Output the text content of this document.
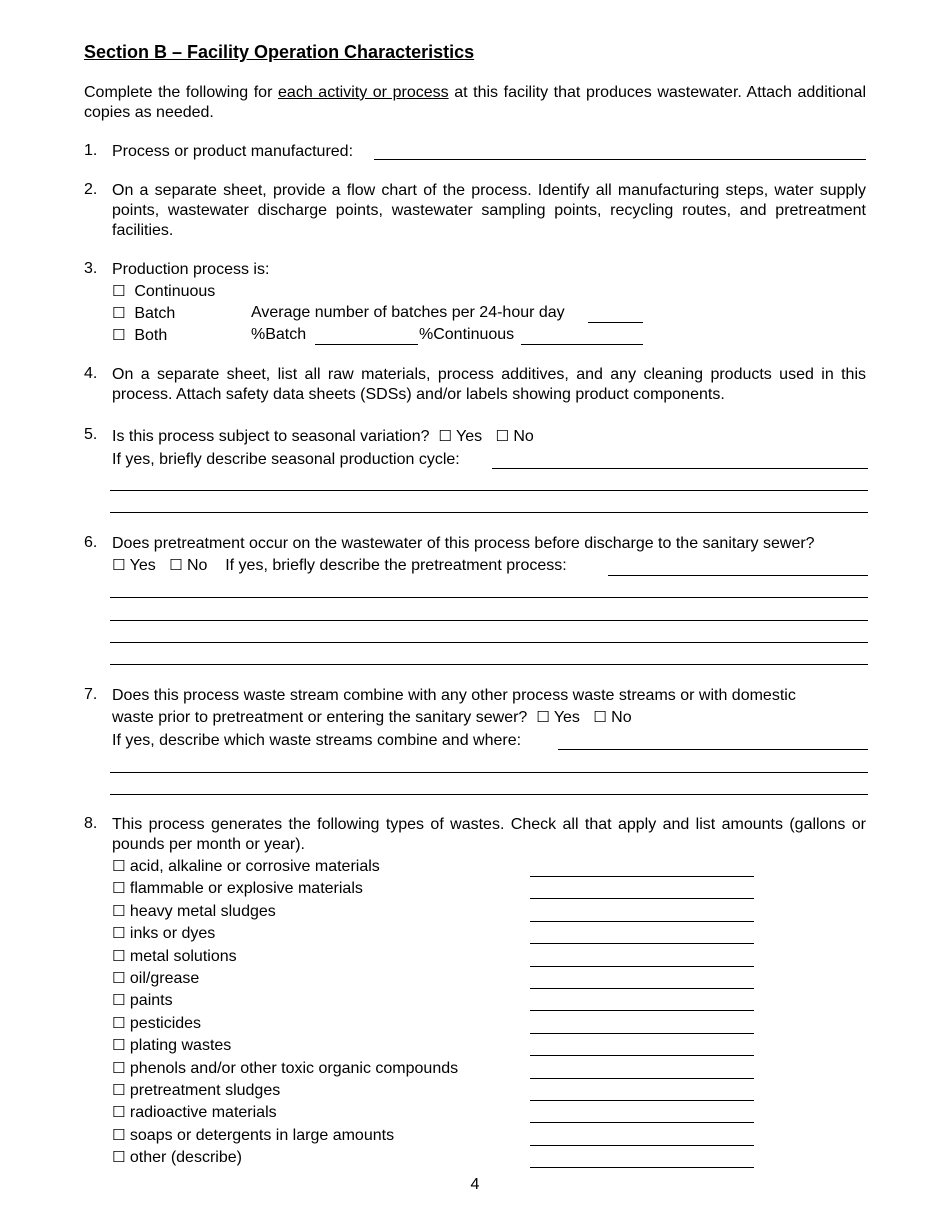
Section B – Facility Operation Characteristics
Complete the following for each activity or process at this facility that produces wastewater. Attach additional copies as needed.
1. Process or product manufactured:
2. On a separate sheet, provide a flow chart of the process. Identify all manufacturing steps, water supply points, wastewater discharge points, wastewater sampling points, recycling routes, and pretreatment facilities.
3. Production process is:
☐ Continuous
☐ Batch	Average number of batches per 24-hour day
☐ Both	%Batch	%Continuous
4. On a separate sheet, list all raw materials, process additives, and any cleaning products used in this process. Attach safety data sheets (SDSs) and/or labels showing product components.
5. Is this process subject to seasonal variation? ☐ Yes ☐ No
If yes, briefly describe seasonal production cycle:
6. Does pretreatment occur on the wastewater of this process before discharge to the sanitary sewer?
☐ Yes ☐ No If yes, briefly describe the pretreatment process:
7. Does this process waste stream combine with any other process waste streams or with domestic
waste prior to pretreatment or entering the sanitary sewer? ☐ Yes ☐ No
If yes, describe which waste streams combine and where:
8. This process generates the following types of wastes. Check all that apply and list amounts (gallons or pounds per month or year).
☐ acid, alkaline or corrosive materials
☐ flammable or explosive materials
☐ heavy metal sludges
☐ inks or dyes
☐ metal solutions
☐ oil/grease
☐ paints
☐ pesticides
☐ plating wastes
☐ phenols and/or other toxic organic compounds
☐ pretreatment sludges
☐ radioactive materials
☐ soaps or detergents in large amounts
☐ other (describe)
4
